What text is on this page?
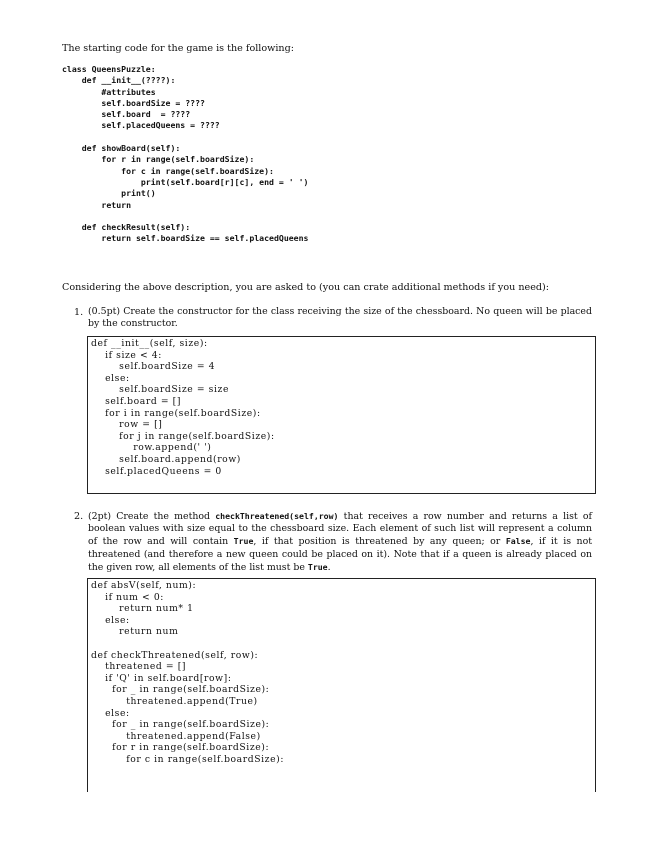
The starting code for the game is the following:
class QueensPuzzle:
def __init__(????):
#attributes
self.boardSize = ????
self.board  = ????
self.placedQueens = ????

def showBoard(self):
for r in range(self.boardSize):
for c in range(self.boardSize):
print(self.board[r][c], end = ' ')
print()
return

def checkResult(self):
return self.boardSize == self.placedQueens
Considering the above description, you are asked to (you can crate additional methods if you need):
1. (0.5pt) Create the constructor for the class receiving the size of the chessboard. No queen will be placed by the constructor.
def __init__(self, size):
if size < 4:
self.boardSize = 4
else:
self.boardSize = size
self.board = []
for i in range(self.boardSize):
row = []
for j in range(self.boardSize):
row.append(' ')
self.board.append(row)
self.placedQueens = 0
2. (2pt) Create the method checkThreatened(self,row) that receives a row number and returns a list of boolean values with size equal to the chessboard size. Each element of such list will represent a column of the row and will contain True, if that position is threatened by any queen; or False, if it is not threatened (and therefore a new queen could be placed on it). Note that if a queen is already placed on the given row, all elements of the list must be True.
def absV(self, num):
if num < 0:
return num* 1
else:
return num

def checkThreatened(self, row):
threatened = []
if 'Q' in self.board[row]:
for _ in range(self.boardSize):
threatened.append(True)
else:
for _ in range(self.boardSize):
threatened.append(False)
for r in range(self.boardSize):
for c in range(self.boardSize):
